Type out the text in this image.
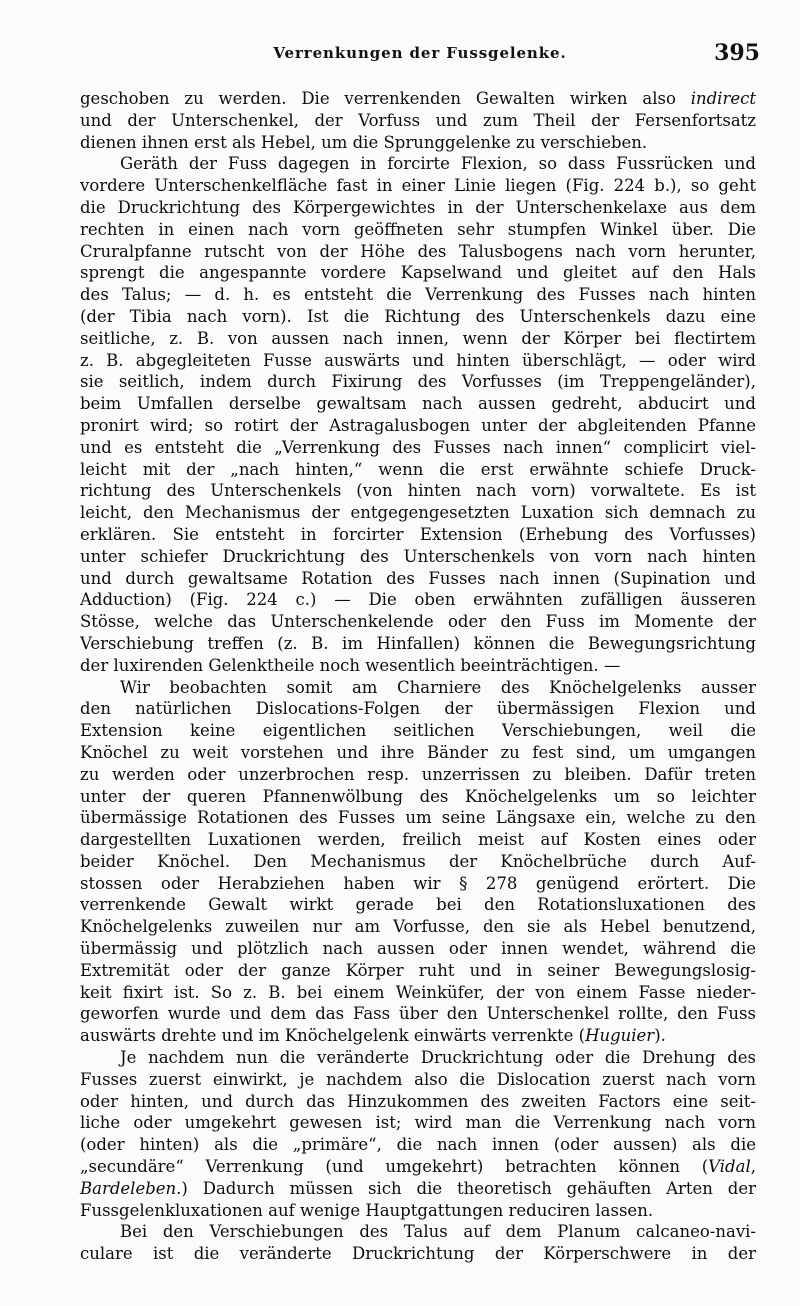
Verrenkungen der Fussgelenke.	395
geschoben zu werden. Die verrenkenden Gewalten wirken also indirect
und der Unterschenkel, der Vorfuss und zum Theil der Fersenfortsatz
dienen ihnen erst als Hebel, um die Sprunggelenke zu verschieben.
Geräth der Fuss dagegen in forcirte Flexion, so dass Fussrücken und
vordere Unterschenkelfläche fast in einer Linie liegen (Fig. 224 b.), so geht
die Druckrichtung des Körpergewichtes in der Unterschenkelaxe aus dem
rechten in einen nach vorn geöffneten sehr stumpfen Winkel über. Die
Cruralpfanne rutscht von der Höhe des Talusbogens nach vorn herunter,
sprengt die angespannte vordere Kapselwand und gleitet auf den Hals
des Talus; — d. h. es entsteht die Verrenkung des Fusses nach hinten
(der Tibia nach vorn). Ist die Richtung des Unterschenkels dazu eine
seitliche, z. B. von aussen nach innen, wenn der Körper bei flectirtem
z. B. abgegleiteten Fusse auswärts und hinten überschlägt, — oder wird
sie seitlich, indem durch Fixirung des Vorfusses (im Treppengeländer),
beim Umfallen derselbe gewaltsam nach aussen gedreht, abducirt und
pronirt wird; so rotirt der Astragalusbogen unter der abgleitenden Pfanne
und es entsteht die „Verrenkung des Fusses nach innen“ complicirt viel-
leicht mit der „nach hinten,“ wenn die erst erwähnte schiefe Druck-
richtung des Unterschenkels (von hinten nach vorn) vorwaltete. Es ist
leicht, den Mechanismus der entgegengesetzten Luxation sich demnach zu
erklären. Sie entsteht in forcirter Extension (Erhebung des Vorfusses)
unter schiefer Druckrichtung des Unterschenkels von vorn nach hinten
und durch gewaltsame Rotation des Fusses nach innen (Supination und
Adduction) (Fig. 224 c.) — Die oben erwähnten zufälligen äusseren
Stösse, welche das Unterschenkelende oder den Fuss im Momente der
Verschiebung treffen (z. B. im Hinfallen) können die Bewegungsrichtung
der luxirenden Gelenktheile noch wesentlich beeinträchtigen. —
Wir beobachten somit am Charniere des Knöchelgelenks ausser
den natürlichen Dislocations-Folgen der übermässigen Flexion und
Extension keine eigentlichen seitlichen Verschiebungen, weil die
Knöchel zu weit vorstehen und ihre Bänder zu fest sind, um umgangen
zu werden oder unzerbrochen resp. unzerrissen zu bleiben. Dafür treten
unter der queren Pfannenwölbung des Knöchelgelenks um so leichter
übermässige Rotationen des Fusses um seine Längsaxe ein, welche zu den
dargestellten Luxationen werden, freilich meist auf Kosten eines oder
beider Knöchel. Den Mechanismus der Knöchelbrüche durch Auf-
stossen oder Herabziehen haben wir § 278 genügend erörtert. Die
verrenkende Gewalt wirkt gerade bei den Rotationsluxationen des
Knöchelgelenks zuweilen nur am Vorfusse, den sie als Hebel benutzend,
übermässig und plötzlich nach aussen oder innen wendet, während die
Extremität oder der ganze Körper ruht und in seiner Bewegungslosig-
keit fixirt ist. So z. B. bei einem Weinküfer, der von einem Fasse nieder-
geworfen wurde und dem das Fass über den Unterschenkel rollte, den Fuss
auswärts drehte und im Knöchelgelenk einwärts verrenkte (Huguier).
Je nachdem nun die veränderte Druckrichtung oder die Drehung des
Fusses zuerst einwirkt, je nachdem also die Dislocation zuerst nach vorn
oder hinten, und durch das Hinzukommen des zweiten Factors eine seit-
liche oder umgekehrt gewesen ist; wird man die Verrenkung nach vorn
(oder hinten) als die „primäre“, die nach innen (oder aussen) als die
„secundäre“ Verrenkung (und umgekehrt) betrachten können (Vidal,
Bardeleben.) Dadurch müssen sich die theoretisch gehäuften Arten der
Fussgelenkluxationen auf wenige Hauptgattungen reduciren lassen.
Bei den Verschiebungen des Talus auf dem Planum calcaneo-navi-
culare ist die veränderte Druckrichtung der Körperschwere in der
